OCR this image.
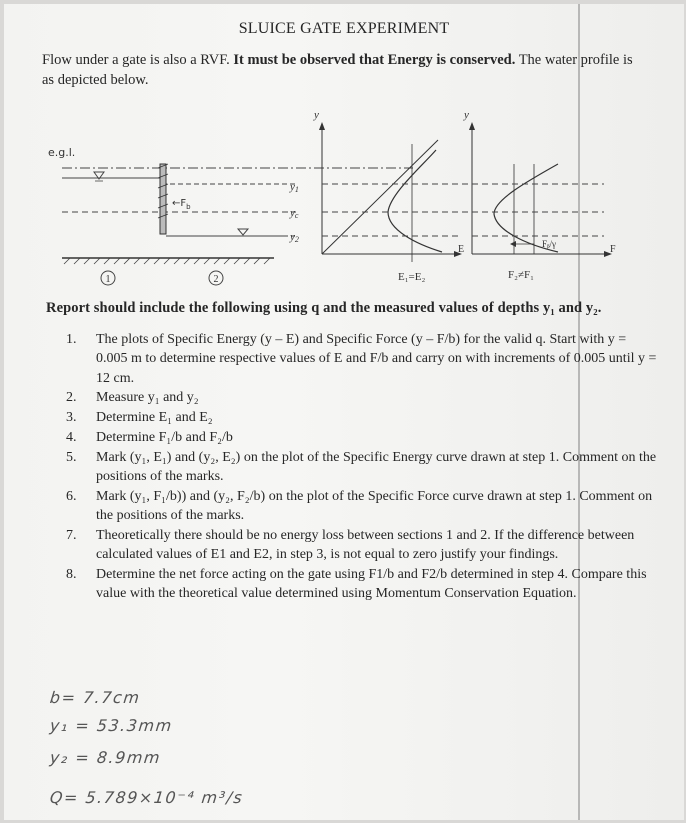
SLUICE GATE EXPERIMENT
Flow under a gate is also a RVF. It must be observed that Energy is conserved. The water profile is as depicted below.
e.g.l.
$\leftarrow F_b$
y1
yc
y2
1	2
y
E
E₁=E₂
y
F
Fᵦ/γ
F₂≠F₁
Report should include the following using q and the measured values of depths y₁ and y₂.
1. The plots of Specific Energy (y – E) and Specific Force (y – F/b) for the valid q. Start with y = 0.005 m to determine respective values of E and F/b and carry on with increments of 0.005 until y = 12 cm.
2. Measure y₁ and y₂
3. Determine E₁ and E₂
4. Determine F₁/b and F₂/b
5. Mark (y₁, E₁) and (y₂, E₂) on the plot of the Specific Energy curve drawn at step 1. Comment on the positions of the marks.
6. Mark (y₁, F₁/b)) and (y₂, F₂/b) on the plot of the Specific Force curve drawn at step 1. Comment on the positions of the marks.
7. Theoretically there should be no energy loss between sections 1 and 2. If the difference between calculated values of E1 and E2, in step 3, is not equal to zero justify your findings.
8. Determine the net force acting on the gate using F1/b and F2/b determined in step 4. Compare this value with the theoretical value determined using Momentum Conservation Equation.
b= 7.7cm
y₁ = 53.3mm
y₂ = 8.9mm
Q= 5.789×10⁻⁴ m³/s
